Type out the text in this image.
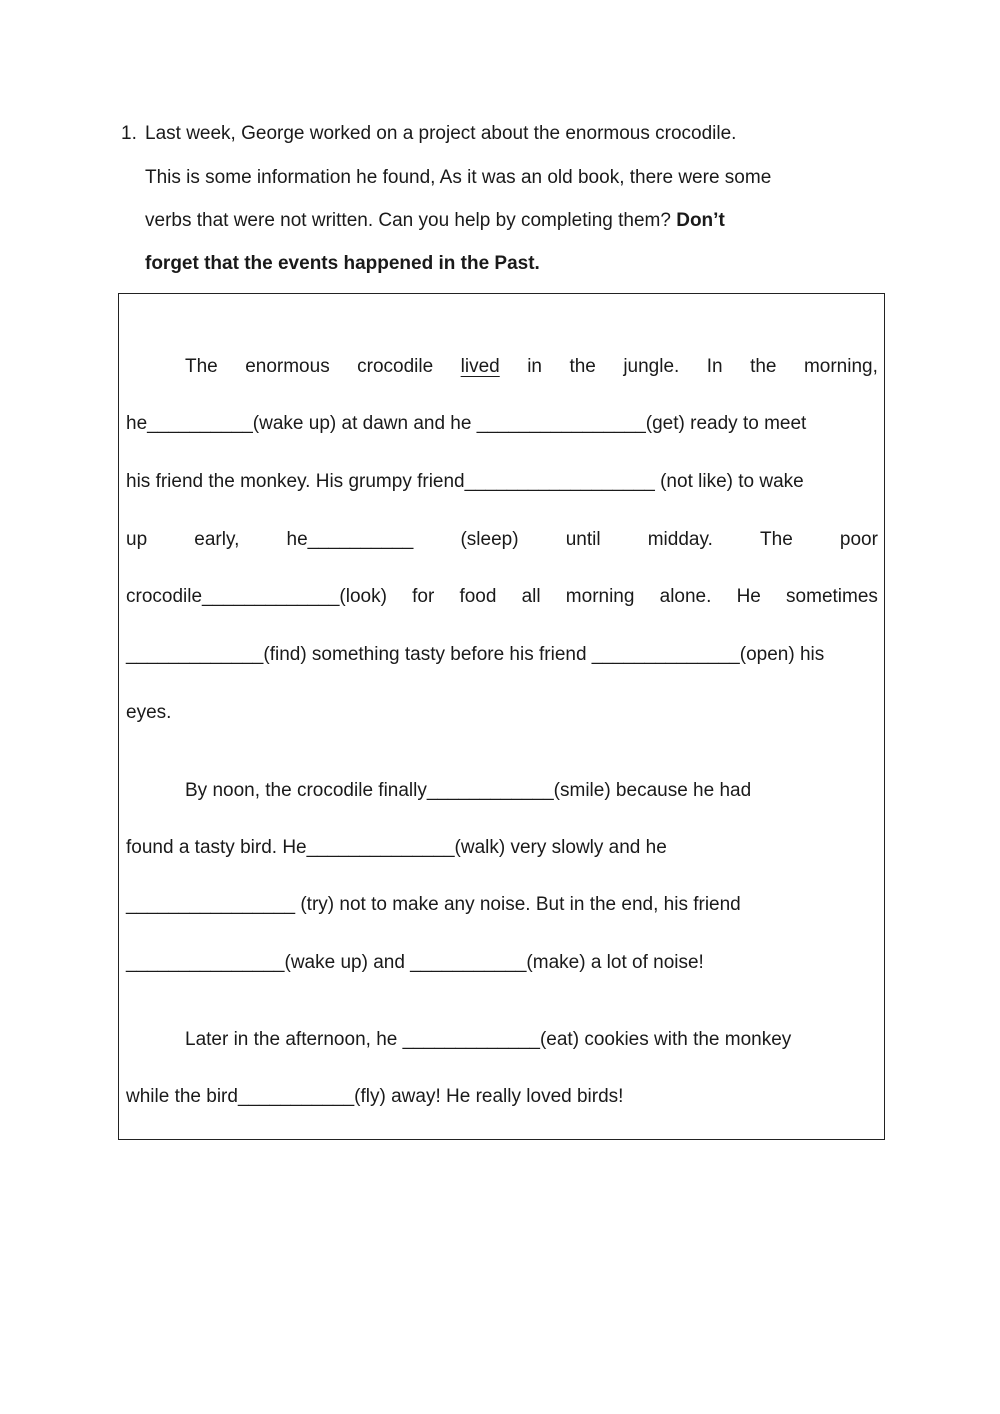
1. Last week, George worked on a project about the enormous crocodile.
This is some information he found, As it was an old book, there were some
verbs that were not written. Can you help by completing them? Don’t
forget that the events happened in the Past.
The enormous crocodile lived in the jungle. In the morning,
he__________(wake up) at dawn and he ________________(get) ready to meet
his friend the monkey. His grumpy friend__________________ (not like) to wake
up early, he__________ (sleep) until midday. The poor
crocodile_____________(look) for food all morning alone. He sometimes
_____________(find) something tasty before his friend ______________(open) his
eyes.
By noon, the crocodile finally____________(smile) because he had
found a tasty bird. He______________(walk) very slowly and he
________________ (try) not to make any noise. But in the end, his friend
_______________(wake up) and ___________(make) a lot of noise!
Later in the afternoon, he _____________(eat) cookies with the monkey
while the bird___________(fly) away! He really loved birds!
